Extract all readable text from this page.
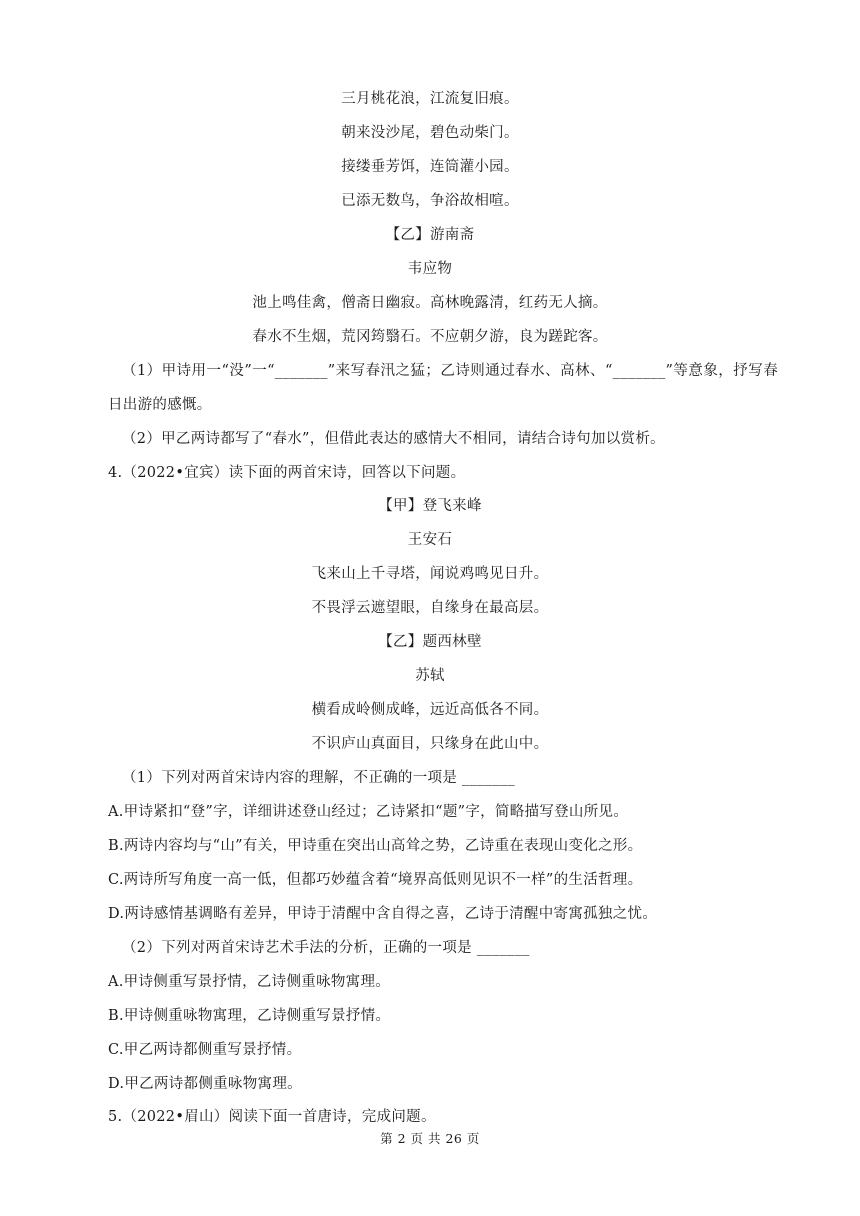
三月桃花浪，江流复旧痕。
朝来没沙尾，碧色动柴门。
接缕垂芳饵，连筒灌小园。
已添无数鸟，争浴故相喧。
【乙】游南斋
韦应物
池上鸣佳禽，僧斋日幽寂。高林晚露清，红药无人摘。
春水不生烟，荒冈筠翳石。不应朝夕游，良为蹉跎客。
（1）甲诗用一“没”一“_______”来写春汛之猛；乙诗则通过春水、高林、“_______”等意象，抒写春日出游的感慨。
（2）甲乙两诗都写了“春水”，但借此表达的感情大不相同，请结合诗句加以赏析。
4.（2022•宜宾）读下面的两首宋诗，回答以下问题。
【甲】登飞来峰
王安石
飞来山上千寻塔，闻说鸡鸣见日升。
不畏浮云遮望眼，自缘身在最高层。
【乙】题西林壁
苏轼
横看成岭侧成峰，远近高低各不同。
不识庐山真面目，只缘身在此山中。
（1）下列对两首宋诗内容的理解，不正确的一项是 _______
A.甲诗紧扣“登”字，详细讲述登山经过；乙诗紧扣“题”字，简略描写登山所见。
B.两诗内容均与“山”有关，甲诗重在突出山高耸之势，乙诗重在表现山变化之形。
C.两诗所写角度一高一低，但都巧妙蕴含着“境界高低则见识不一样”的生活哲理。
D.两诗感情基调略有差异，甲诗于清醒中含自得之喜，乙诗于清醒中寄寓孤独之忧。
（2）下列对两首宋诗艺术手法的分析，正确的一项是 _______
A.甲诗侧重写景抒情，乙诗侧重咏物寓理。
B.甲诗侧重咏物寓理，乙诗侧重写景抒情。
C.甲乙两诗都侧重写景抒情。
D.甲乙两诗都侧重咏物寓理。
5.（2022•眉山）阅读下面一首唐诗，完成问题。
第 2 页 共 26 页
